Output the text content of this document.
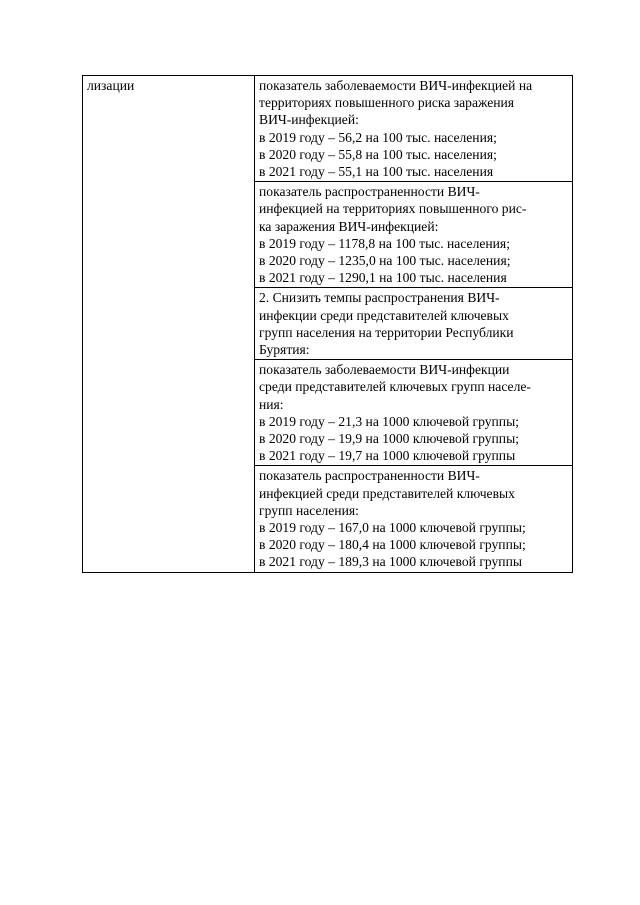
лизации	показатель заболеваемости ВИЧ-инфекцией на
территориях повышенного риска заражения
ВИЧ-инфекцией:
в 2019 году – 56,2 на 100 тыс. населения;
в 2020 году – 55,8 на 100 тыс. населения;
в 2021 году – 55,1 на 100 тыс. населения

показатель распространенности ВИЧ-
инфекцией на территориях повышенного рис-
ка заражения ВИЧ-инфекцией:
в 2019 году – 1178,8 на 100 тыс. населения;
в 2020 году – 1235,0 на 100 тыс. населения;
в 2021 году – 1290,1 на 100 тыс. населения

2. Снизить темпы распространения ВИЧ-
инфекции среди представителей ключевых
групп населения на территории Республики
Бурятия:

показатель заболеваемости ВИЧ-инфекции
среди представителей ключевых групп населе-
ния:
в 2019 году – 21,3 на 1000 ключевой группы;
в 2020 году – 19,9 на 1000 ключевой группы;
в 2021 году – 19,7 на 1000 ключевой группы

показатель распространенности ВИЧ-
инфекцией среди представителей ключевых
групп населения:
в 2019 году – 167,0 на 1000 ключевой группы;
в 2020 году – 180,4 на 1000 ключевой группы;
в 2021 году – 189,3 на 1000 ключевой группы
